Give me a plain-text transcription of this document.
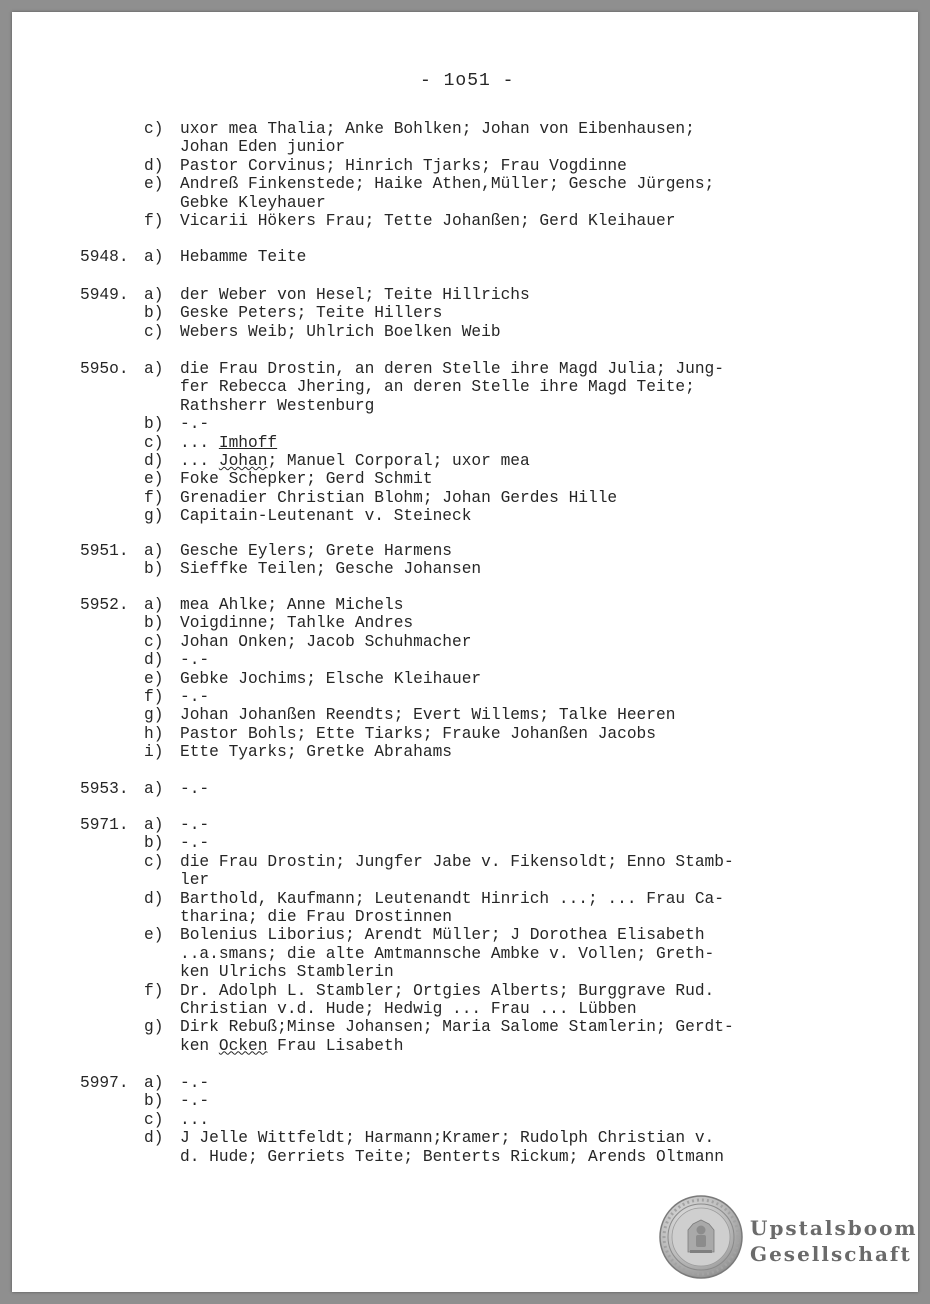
- 1o51 -
c) uxor mea Thalia; Anke Bohlken; Johan von Eibenhausen;
Johan Eden junior
d) Pastor Corvinus; Hinrich Tjarks; Frau Vogdinne
e) Andreß Finkenstede; Haike Athen,Müller; Gesche Jürgens;
Gebke Kleyhauer
f) Vicarii Hökers Frau; Tette Johanßen; Gerd Kleihauer
5948. a) Hebamme Teite
5949. a) der Weber von Hesel; Teite Hillrichs
b) Geske Peters; Teite Hillers
c) Webers Weib; Uhlrich Boelken Weib
595o. a) die Frau Drostin, an deren Stelle ihre Magd Julia; Jung-
fer Rebecca Jhering, an deren Stelle ihre Magd Teite;
Rathsherr Westenburg
b) -.-
c) ... Imhoff
d) ... Johan; Manuel Corporal; uxor mea
e) Foke Schepker; Gerd Schmit
f) Grenadier Christian Blohm; Johan Gerdes Hille
g) Capitain-Leutenant v. Steineck
5951. a) Gesche Eylers; Grete Harmens
b) Sieffke Teilen; Gesche Johansen
5952. a) mea Ahlke; Anne Michels
b) Voigdinne; Tahlke Andres
c) Johan Onken; Jacob Schuhmacher
d) -.-
e) Gebke Jochims; Elsche Kleihauer
f) -.-
g) Johan Johanßen Reendts; Evert Willems; Talke Heeren
h) Pastor Bohls; Ette Tiarks; Frauke Johanßen Jacobs
i) Ette Tyarks; Gretke Abrahams
5953. a) -.-
5971. a) -.-
b) -.-
c) die Frau Drostin; Jungfer Jabe v. Fikensoldt; Enno Stamb-
ler
d) Barthold, Kaufmann; Leutenandt Hinrich ...; ... Frau Ca-
tharina; die Frau Drostinnen
e) Bolenius Liborius; Arendt Müller; J Dorothea Elisabeth
..a.smans; die alte Amtmannsche Ambke v. Vollen; Greth-
ken Ulrichs Stamblerin
f) Dr. Adolph L. Stambler; Ortgies Alberts; Burggrave Rud.
Christian v.d. Hude; Hedwig ... Frau ... Lübben
g) Dirk Rebuß;Minse Johansen; Maria Salome Stamlerin; Gerdt-
ken Ocken Frau Lisabeth
5997. a) -.-
b) -.-
c) ...
d) J Jelle Wittfeldt; Harmann;Kramer; Rudolph Christian v.
d. Hude; Gerriets Teite; Benterts Rickum; Arends Oltmann
Upstalsboom
Gesellschaft
